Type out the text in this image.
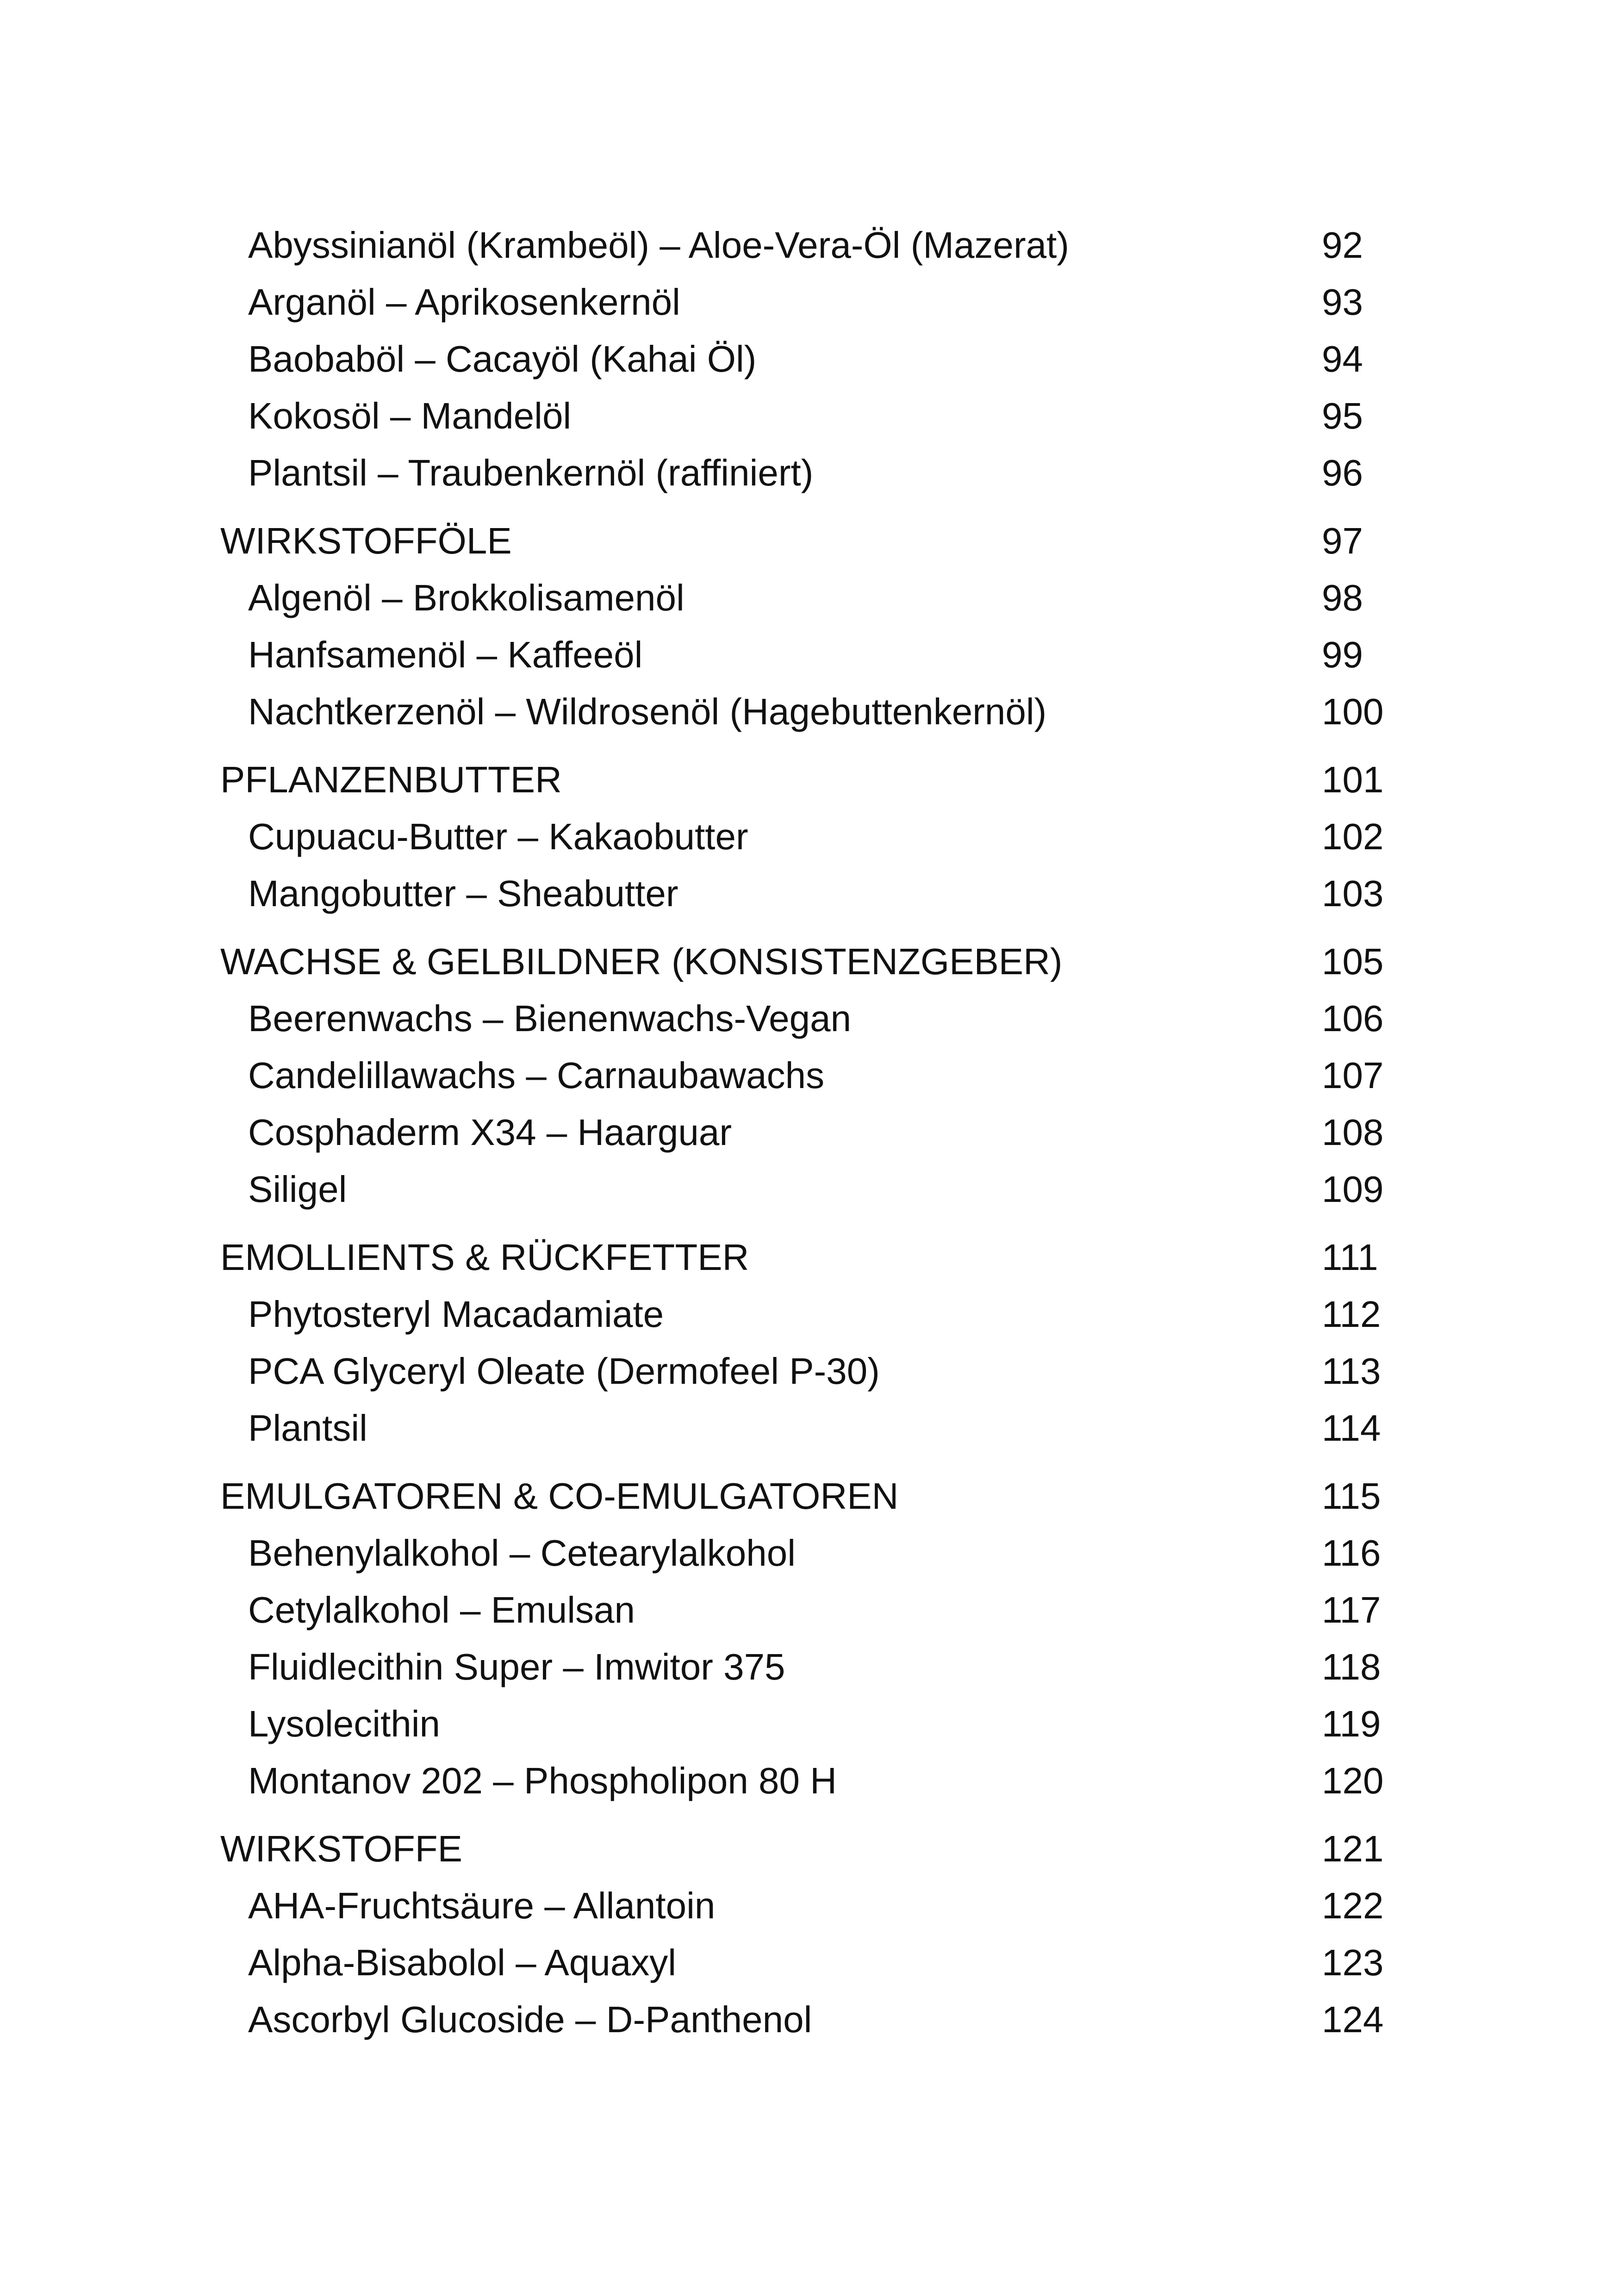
Abyssinianöl (Krambeöl) – Aloe-Vera-Öl (Mazerat)	92
Arganöl – Aprikosenkernöl	93
Baobaböl – Cacayöl (Kahai Öl)	94
Kokosöl – Mandelöl	95
Plantsil – Traubenkernöl (raffiniert)	96
WIRKSTOFFÖLE	97
Algenöl – Brokkolisamenöl	98
Hanfsamenöl – Kaffeeöl	99
Nachtkerzenöl – Wildrosenöl (Hagebuttenkernöl)	100
PFLANZENBUTTER	101
Cupuacu-Butter – Kakaobutter	102
Mangobutter – Sheabutter	103
WACHSE & GELBILDNER (KONSISTENZGEBER)	105
Beerenwachs – Bienenwachs-Vegan	106
Candelillawachs – Carnaubawachs	107
Cosphaderm X34 – Haarguar	108
Siligel	109
EMOLLIENTS & RÜCKFETTER	111
Phytosteryl Macadamiate	112
PCA Glyceryl Oleate (Dermofeel P-30)	113
Plantsil	114
EMULGATOREN & CO-EMULGATOREN	115
Behenylalkohol – Cetearylalkohol	116
Cetylalkohol – Emulsan	117
Fluidlecithin Super – Imwitor 375	118
Lysolecithin	119
Montanov 202 – Phospholipon 80 H	120
WIRKSTOFFE	121
AHA-Fruchtsäure – Allantoin	122
Alpha-Bisabolol – Aquaxyl	123
Ascorbyl Glucoside – D-Panthenol	124
